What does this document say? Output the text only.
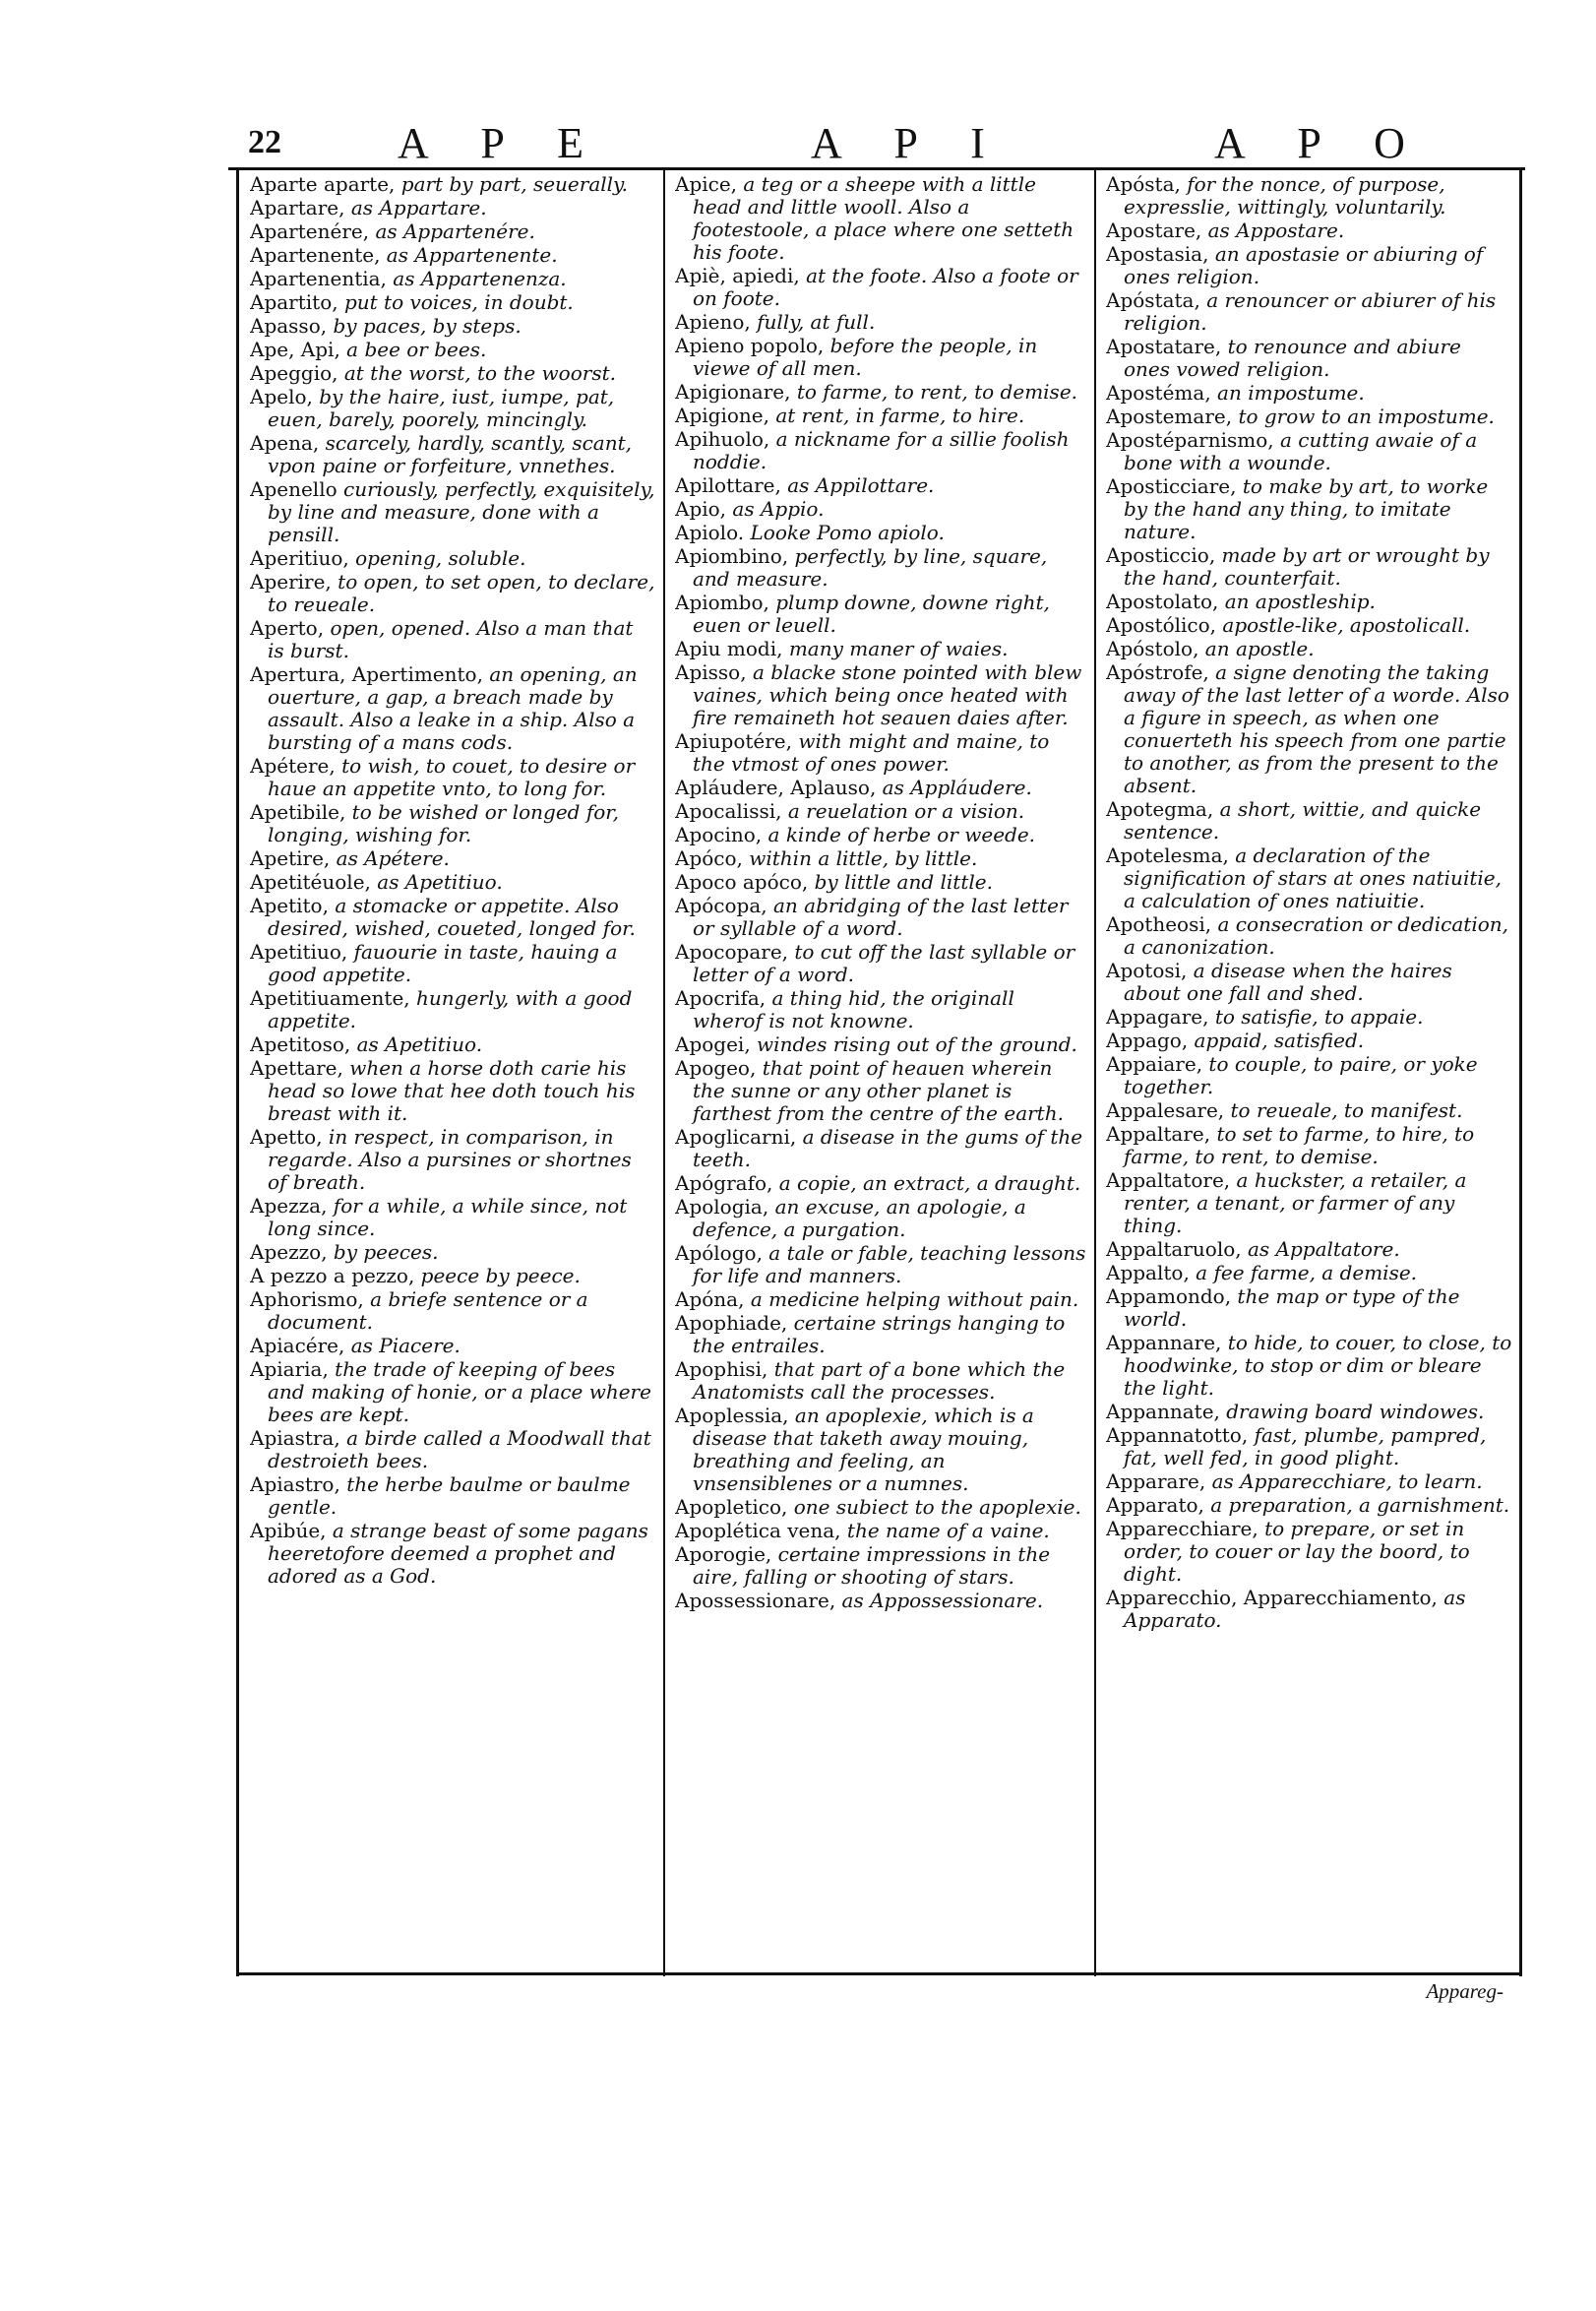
22	A P E	A P I	A P O

Aparte aparte, part by part, seuerally.

Apartare, as Appartare.

Apartenére, as Appartenére.

Apartenente, as Appartenente.

Apartenentia, as Appartenenza.

Apartito, put to voices, in doubt.

Apasso, by paces, by steps.

Ape, Api, a bee or bees.

Apeggio, at the worst, to the woorst.

Apelo, by the haire, iust, iumpe, pat, euen, barely, poorely, mincingly.

Apena, scarcely, hardly, scantly, scant, vpon paine or forfeiture, vnnethes.

Apenello curiously, perfectly, exquisitely, by line and measure, done with a pensill.

Aperitiuo, opening, soluble.

Aperire, to open, to set open, to declare, to reueale.

Aperto, open, opened. Also a man that is burst.

Apertura, Apertimento, an opening, an ouerture, a gap, a breach made by assault. Also a leake in a ship. Also a bursting of a mans cods.

Apétere, to wish, to couet, to desire or haue an appetite vnto, to long for.

Apetibile, to be wished or longed for, longing, wishing for.

Apetire, as Apétere.

Apetitéuole, as Apetitiuo.

Apetito, a stomacke or appetite. Also desired, wished, coueted, longed for.

Apetitiuo, fauourie in taste, hauing a good appetite.

Apetitiuamente, hungerly, with a good appetite.

Apetitoso, as Apetitiuo.

Apettare, when a horse doth carie his head so lowe that hee doth touch his breast with it.

Apetto, in respect, in comparison, in regarde. Also a pursines or shortnes of breath.

Apezza, for a while, a while since, not long since.

Apezzo, by peeces.

A pezzo a pezzo, peece by peece.

Aphorismo, a briefe sentence or a document.

Apiacére, as Piacere.

Apiaria, the trade of keeping of bees and making of honie, or a place where bees are kept.

Apiastra, a birde called a Moodwall that destroieth bees.

Apiastro, the herbe baulme or baulme gentle.

Apibúe, a strange beast of some pagans heeretofore deemed a prophet and adored as a God.

Apice, a teg or a sheepe with a little head and little wooll. Also a footestoole, a place where one setteth his foote.

Apiè, apiedi, at the foote. Also a foote or on foote.

Apieno, fully, at full.

Apieno popolo, before the people, in viewe of all men.

Apigionare, to farme, to rent, to demise.

Apigione, at rent, in farme, to hire.

Apihuolo, a nickname for a sillie foolish noddie.

Apilottare, as Appilottare.

Apio, as Appio.

Apiolo. Looke Pomo apiolo.

Apiombino, perfectly, by line, square, and measure.

Apiombo, plump downe, downe right, euen or leuell.

Apiu modi, many maner of waies.

Apisso, a blacke stone pointed with blew vaines, which being once heated with fire remaineth hot seauen daies after.

Apiupotére, with might and maine, to the vtmost of ones power.

Apláudere, Aplauso, as Appláudere.

Apocalissi, a reuelation or a vision.

Apocino, a kinde of herbe or weede.

Apóco, within a little, by little.

Apoco apóco, by little and little.

Apócopa, an abridging of the last letter or syllable of a word.

Apocopare, to cut off the last syllable or letter of a word.

Apocrifa, a thing hid, the originall wherof is not knowne.

Apogei, windes rising out of the ground.

Apogeo, that point of heauen wherein the sunne or any other planet is farthest from the centre of the earth.

Apoglicarni, a disease in the gums of the teeth.

Apógrafo, a copie, an extract, a draught.

Apologia, an excuse, an apologie, a defence, a purgation.

Apólogo, a tale or fable, teaching lessons for life and manners.

Apóna, a medicine helping without pain.

Apophiade, certaine strings hanging to the entrailes.

Apophisi, that part of a bone which the Anatomists call the processes.

Apoplessia, an apoplexie, which is a disease that taketh away mouing, breathing and feeling, an vnsensiblenes or a numnes.

Apopletico, one subiect to the apoplexie.

Apoplética vena, the name of a vaine.

Aporogie, certaine impressions in the aire, falling or shooting of stars.

Apossessionare, as Appossessionare.

Apósta, for the nonce, of purpose, expresslie, wittingly, voluntarily.

Apostare, as Appostare.

Apostasia, an apostasie or abiuring of ones religion.

Apóstata, a renouncer or abiurer of his religion.

Apostatare, to renounce and abiure ones vowed religion.

Apostéma, an impostume.

Apostemare, to grow to an impostume.

Apostéparnismo, a cutting awaie of a bone with a wounde.

Aposticciare, to make by art, to worke by the hand any thing, to imitate nature.

Aposticcio, made by art or wrought by the hand, counterfait.

Apostolato, an apostleship.

Apostólico, apostle-like, apostolicall.

Apóstolo, an apostle.

Apóstrofe, a signe denoting the taking away of the last letter of a worde. Also a figure in speech, as when one conuerteth his speech from one partie to another, as from the present to the absent.

Apotegma, a short, wittie, and quicke sentence.

Apotelesma, a declaration of the signification of stars at ones natiuitie, a calculation of ones natiuitie.

Apotheosi, a consecration or dedication, a canonization.

Apotosi, a disease when the haires about one fall and shed.

Appagare, to satisfie, to appaie.

Appago, appaid, satisfied.

Appaiare, to couple, to paire, or yoke together.

Appalesare, to reueale, to manifest.

Appaltare, to set to farme, to hire, to farme, to rent, to demise.

Appaltatore, a huckster, a retailer, a renter, a tenant, or farmer of any thing.

Appaltaruolo, as Appaltatore.

Appalto, a fee farme, a demise.

Appamondo, the map or type of the world.

Appannare, to hide, to couer, to close, to hoodwinke, to stop or dim or bleare the light.

Appannate, drawing board windowes.

Appannatotto, fast, plumbe, pampred, fat, well fed, in good plight.

Apparare, as Apparecchiare, to learn.

Apparato, a preparation, a garnishment.

Apparecchiare, to prepare, or set in order, to couer or lay the boord, to dight.

Apparecchio, Apparecchiamento, as Apparato.

Appareg-
